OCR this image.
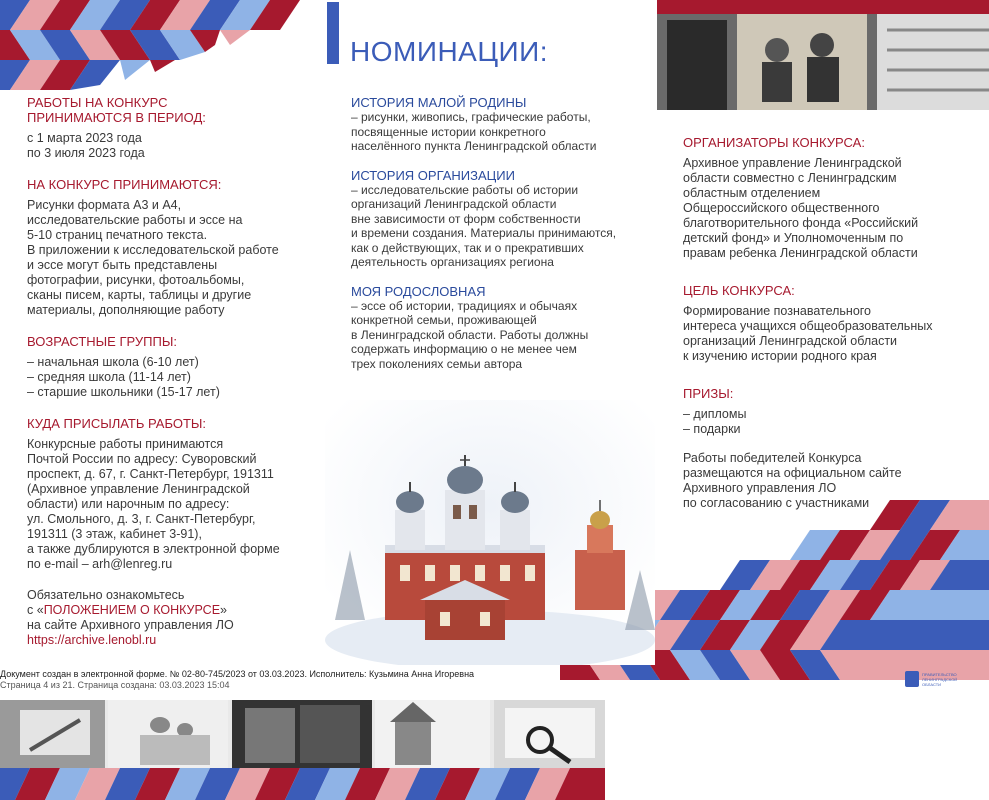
НОМИНАЦИИ:
РАБОТЫ НА КОНКУРС
ПРИНИМАЮТСЯ В ПЕРИОД:
с 1 марта 2023 года
по 3 июля 2023 года
НА КОНКУРС ПРИНИМАЮТСЯ:
Рисунки формата А3 и А4,
исследовательские работы и эссе на
5-10 страниц печатного текста.
В приложении к исследовательской работе
и эссе могут быть представлены
фотографии, рисунки, фотоальбомы,
сканы писем, карты, таблицы и другие
материалы, дополняющие работу
ВОЗРАСТНЫЕ ГРУППЫ:
– начальная школа (6-10 лет)
– средняя школа (11-14 лет)
– старшие школьники (15-17 лет)
КУДА ПРИСЫЛАТЬ РАБОТЫ:
Конкурсные работы принимаются
Почтой России по адресу: Суворовский
проспект, д. 67, г. Санкт-Петербург, 191311
(Архивное управление Ленинградской
области) или нарочным по адресу:
ул. Смольного, д. 3, г. Санкт-Петербург,
191311 (3 этаж, кабинет 3-91),
а также дублируются в электронной форме
по e-mail – arh@lenreg.ru
Обязательно ознакомьтесь
с «ПОЛОЖЕНИЕМ О КОНКУРСЕ»
на сайте Архивного управления ЛО
https://archive.lenobl.ru
ИСТОРИЯ МАЛОЙ РОДИНЫ
– рисунки, живопись, графические работы,
посвященные истории конкретного
населённого пункта Ленинградской области
ИСТОРИЯ ОРГАНИЗАЦИИ
– исследовательские работы об истории
организаций Ленинградской области
вне зависимости от форм собственности
и времени создания. Материалы принимаются,
как о действующих, так и о прекративших
деятельность организациях региона
МОЯ РОДОСЛОВНАЯ
– эссе об истории, традициях и обычаях
конкретной семьи, проживающей
в Ленинградской области. Работы должны
содержать информацию о не менее чем
трех поколениях семьи автора
ОРГАНИЗАТОРЫ КОНКУРСА:
Архивное управление Ленинградской
области совместно с Ленинградским
областным отделением
Общероссийского общественного
благотворительного фонда «Российский
детский фонд» и Уполномоченным по
правам ребенка Ленинградской области
ЦЕЛЬ КОНКУРСА:
Формирование познавательного
интереса учащихся общеобразовательных
организаций Ленинградской области
к изучению истории родного края
ПРИЗЫ:
– дипломы
– подарки
Работы победителей Конкурса
размещаются на официальном сайте
Архивного управления ЛО
по согласованию с участниками
ПРАВИТЕЛЬСТВО ЛЕНИНГРАДСКОЙ ОБЛАСТИ
Документ создан в электронной форме. № 02-80-745/2023 от 03.03.2023. Исполнитель: Кузьмина Анна Игоревна
Страница 4 из 21. Страница создана: 03.03.2023 15:04
